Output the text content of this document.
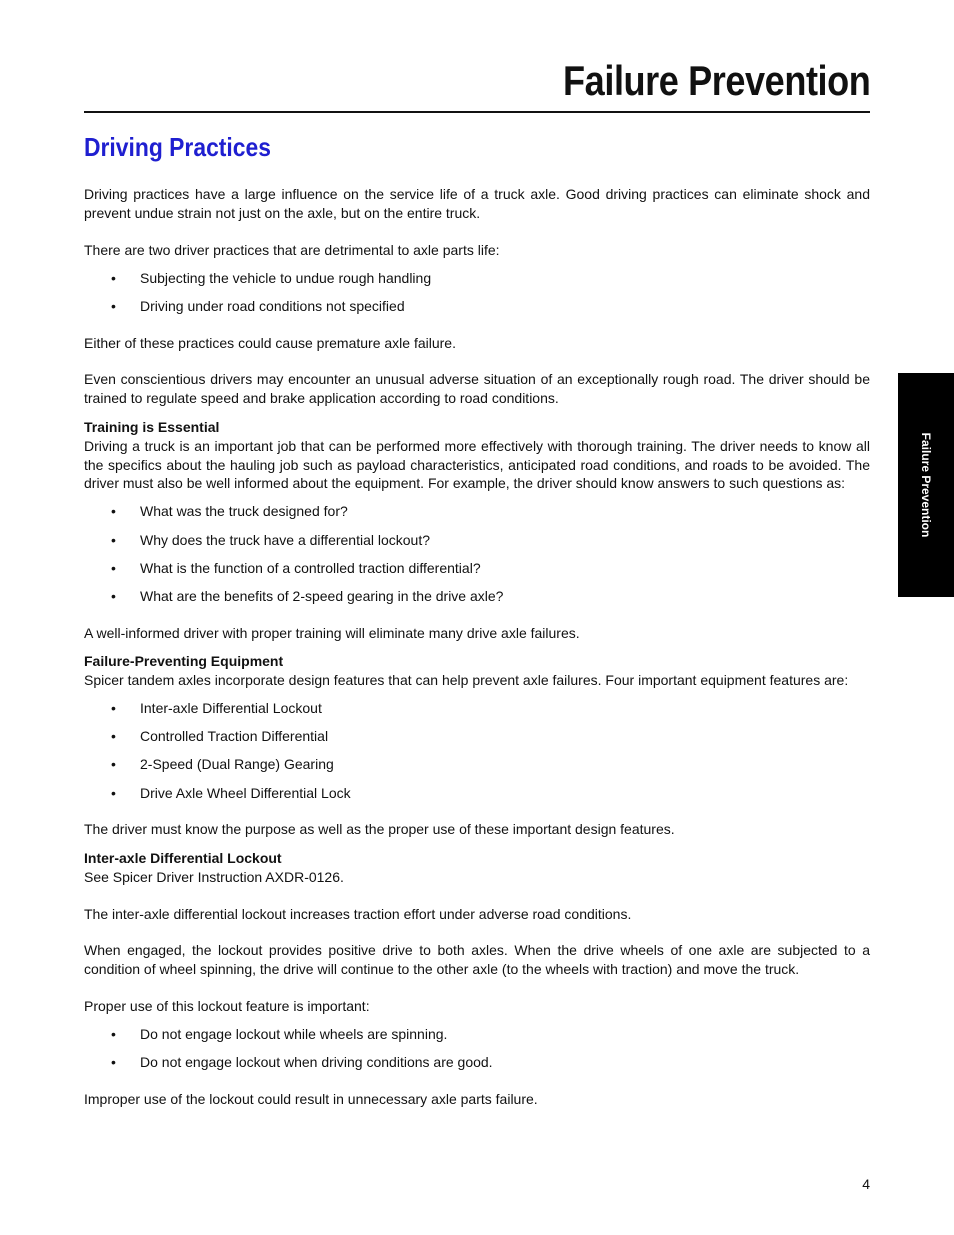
Failure Prevention
Driving Practices

Driving practices have a large influence on the service life of a truck axle. Good driving practices can eliminate shock and prevent undue strain not just on the axle, but on the entire truck.

There are two driver practices that are detrimental to axle parts life:

• Subjecting the vehicle to undue rough handling
• Driving under road conditions not specified

Either of these practices could cause premature axle failure.

Even conscientious drivers may encounter an unusual adverse situation of an exceptionally rough road. The driver should be trained to regulate speed and brake application according to road conditions.

Training is Essential

Driving a truck is an important job that can be performed more effectively with thorough training. The driver needs to know all the specifics about the hauling job such as payload characteristics, anticipated road conditions, and roads to be avoided. The driver must also be well informed about the equipment. For example, the driver should know answers to such questions as:

• What was the truck designed for?
• Why does the truck have a differential lockout?
• What is the function of a controlled traction differential?
• What are the benefits of 2-speed gearing in the drive axle?

A well-informed driver with proper training will eliminate many drive axle failures.

Failure-Preventing Equipment

Spicer tandem axles incorporate design features that can help prevent axle failures. Four important equipment features are:

• Inter-axle Differential Lockout
• Controlled Traction Differential
• 2-Speed (Dual Range) Gearing
• Drive Axle Wheel Differential Lock

The driver must know the purpose as well as the proper use of these important design features.

Inter-axle Differential Lockout

See Spicer Driver Instruction AXDR-0126.

The inter-axle differential lockout increases traction effort under adverse road conditions.

When engaged, the lockout provides positive drive to both axles. When the drive wheels of one axle are subjected to a condition of wheel spinning, the drive will continue to the other axle (to the wheels with traction) and move the truck.

Proper use of this lockout feature is important:

• Do not engage lockout while wheels are spinning.
• Do not engage lockout when driving conditions are good.

Improper use of the lockout could result in unnecessary axle parts failure.

Failure Prevention
4
